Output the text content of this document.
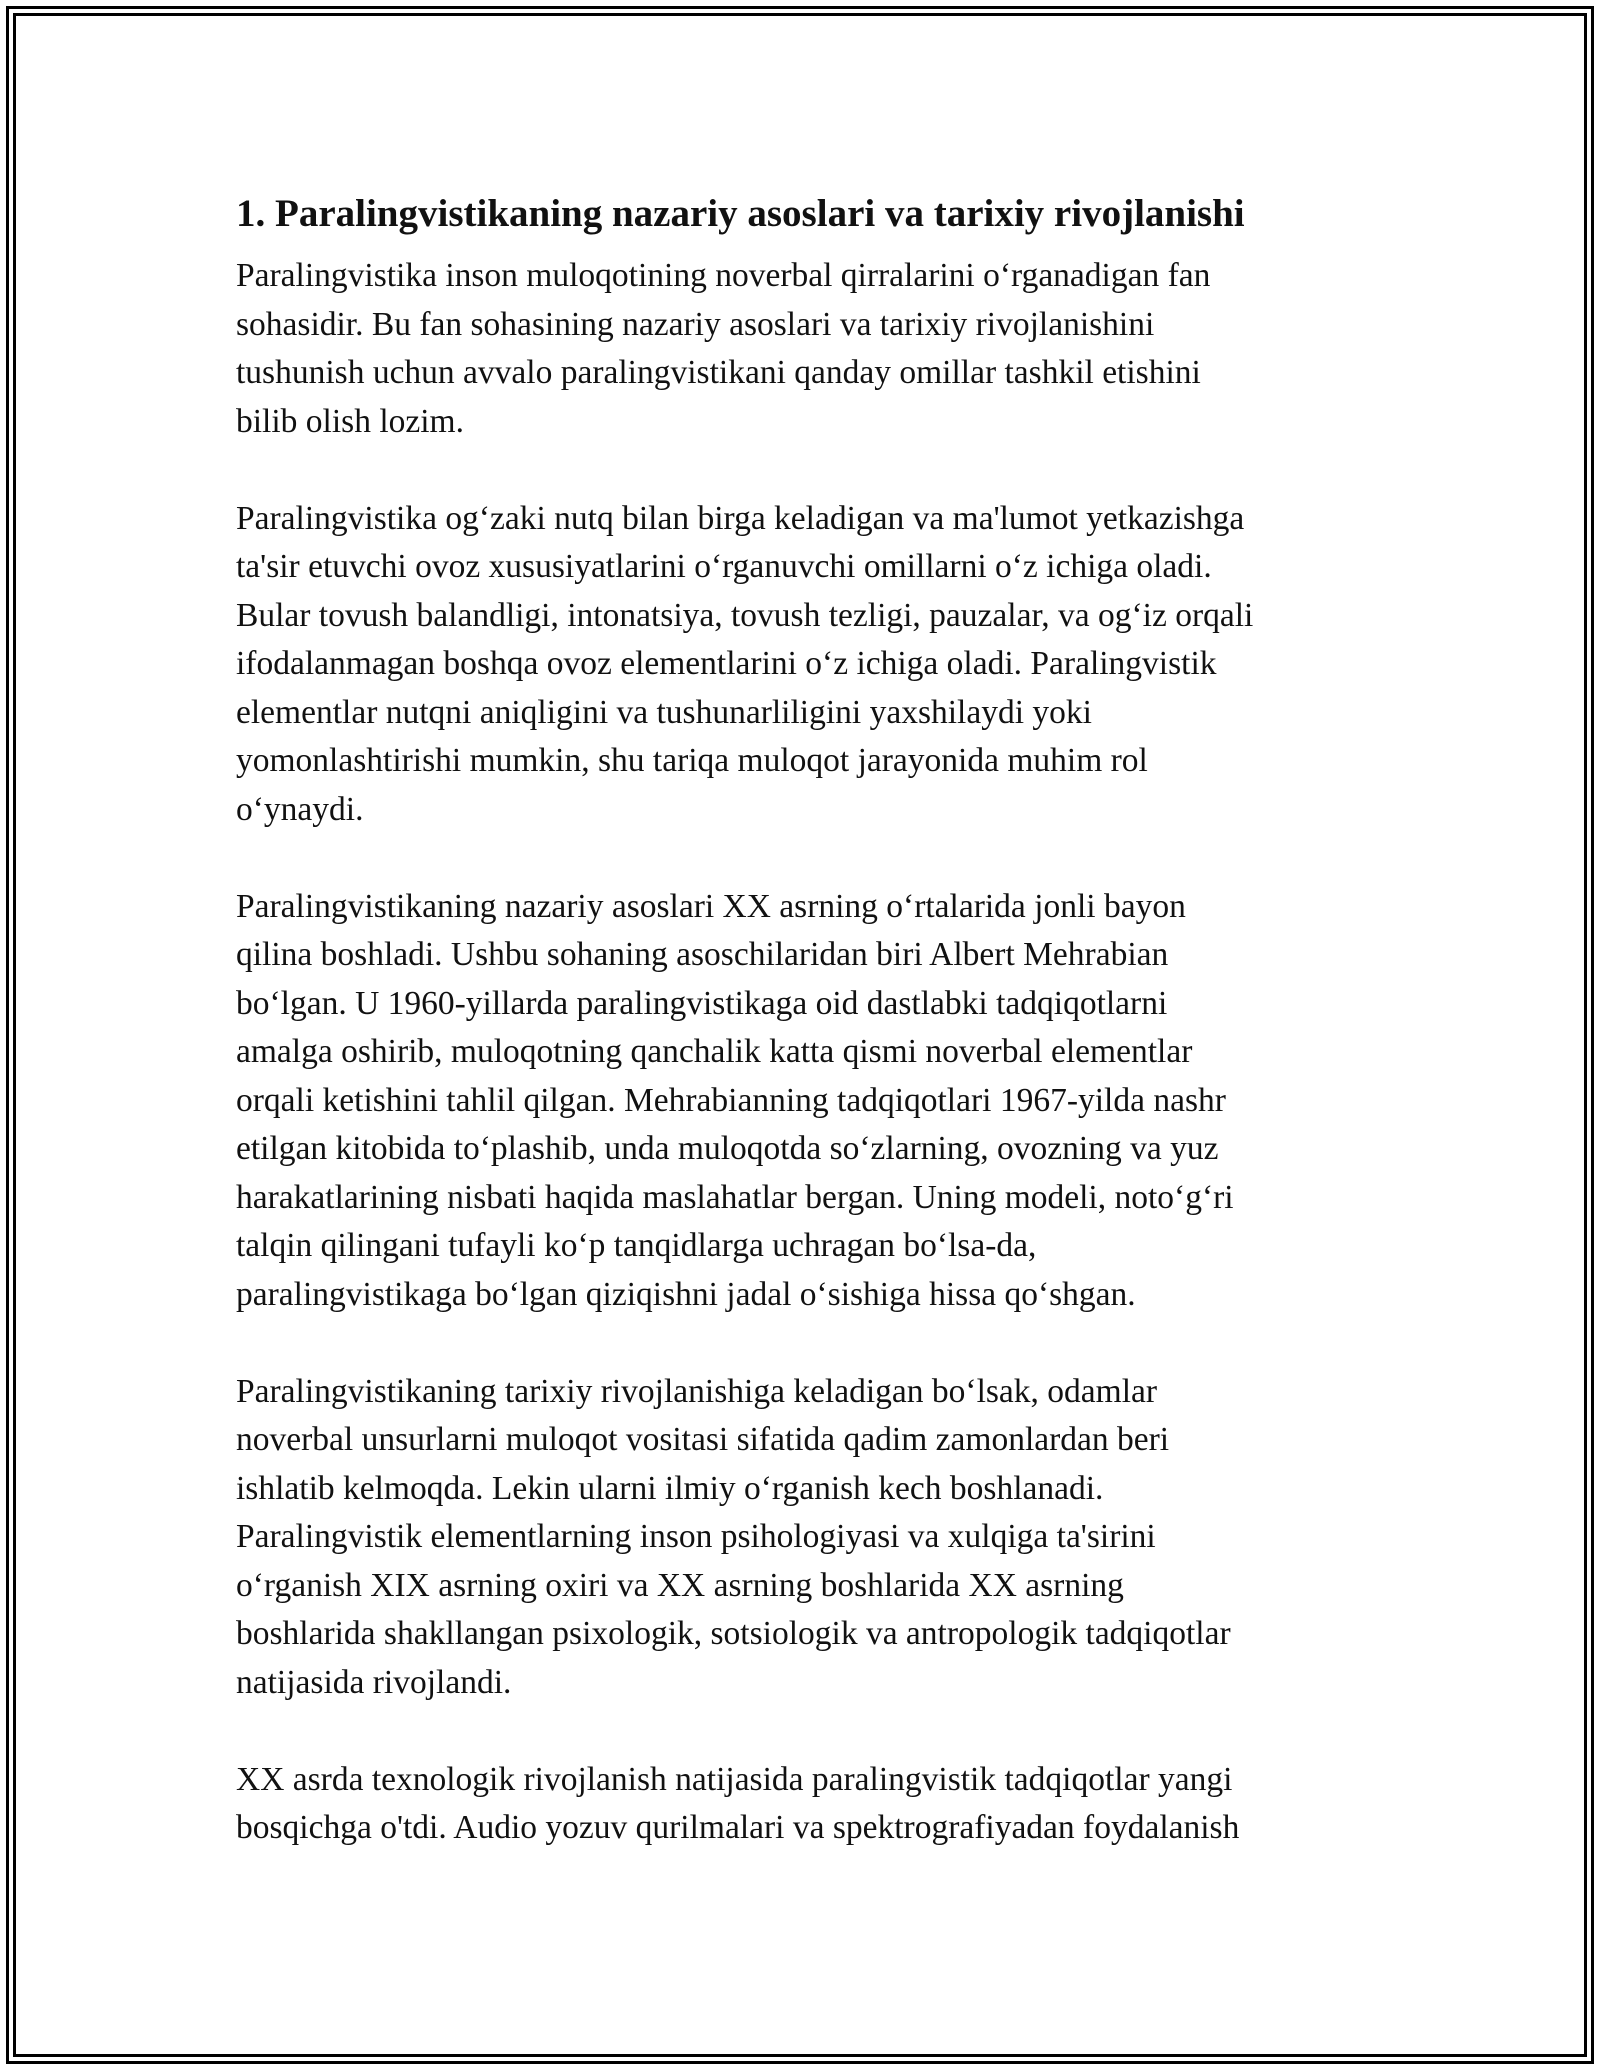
1. Paralingvistikaning nazariy asoslari va tarixiy rivojlanishi

Paralingvistika inson muloqotining noverbal qirralarini oʻrganadigan fan
sohasidir. Bu fan sohasining nazariy asoslari va tarixiy rivojlanishini
tushunish uchun avvalo paralingvistikani qanday omillar tashkil etishini
bilib olish lozim.

Paralingvistika ogʻzaki nutq bilan birga keladigan va ma'lumot yetkazishga
ta'sir etuvchi ovoz xususiyatlarini oʻrganuvchi omillarni oʻz ichiga oladi.
Bular tovush balandligi, intonatsiya, tovush tezligi, pauzalar, va ogʻiz orqali
ifodalanmagan boshqa ovoz elementlarini oʻz ichiga oladi. Paralingvistik
elementlar nutqni aniqligini va tushunarliligini yaxshilaydi yoki
yomonlashtirishi mumkin, shu tariqa muloqot jarayonida muhim rol
oʻynaydi.

Paralingvistikaning nazariy asoslari XX asrning oʻrtalarida jonli bayon
qilina boshladi. Ushbu sohaning asoschilaridan biri Albert Mehrabian
boʻlgan. U 1960-yillarda paralingvistikaga oid dastlabki tadqiqotlarni
amalga oshirib, muloqotning qanchalik katta qismi noverbal elementlar
orqali ketishini tahlil qilgan. Mehrabianning tadqiqotlari 1967-yilda nashr
etilgan kitobida toʻplashib, unda muloqotda soʻzlarning, ovozning va yuz
harakatlarining nisbati haqida maslahatlar bergan. Uning modeli, notoʻgʻri
talqin qilingani tufayli koʻp tanqidlarga uchragan boʻlsa-da,
paralingvistikaga boʻlgan qiziqishni jadal oʻsishiga hissa qoʻshgan.

Paralingvistikaning tarixiy rivojlanishiga keladigan boʻlsak, odamlar
noverbal unsurlarni muloqot vositasi sifatida qadim zamonlardan beri
ishlatib kelmoqda. Lekin ularni ilmiy oʻrganish kech boshlanadi.
Paralingvistik elementlarning inson psihologiyasi va xulqiga ta'sirini
oʻrganish XIX asrning oxiri va XX asrning boshlarida XX asrning
boshlarida shakllangan psixologik, sotsiologik va antropologik tadqiqotlar
natijasida rivojlandi.

XX asrda texnologik rivojlanish natijasida paralingvistik tadqiqotlar yangi
bosqichga o'tdi. Audio yozuv qurilmalari va spektrografiyadan foydalanish
